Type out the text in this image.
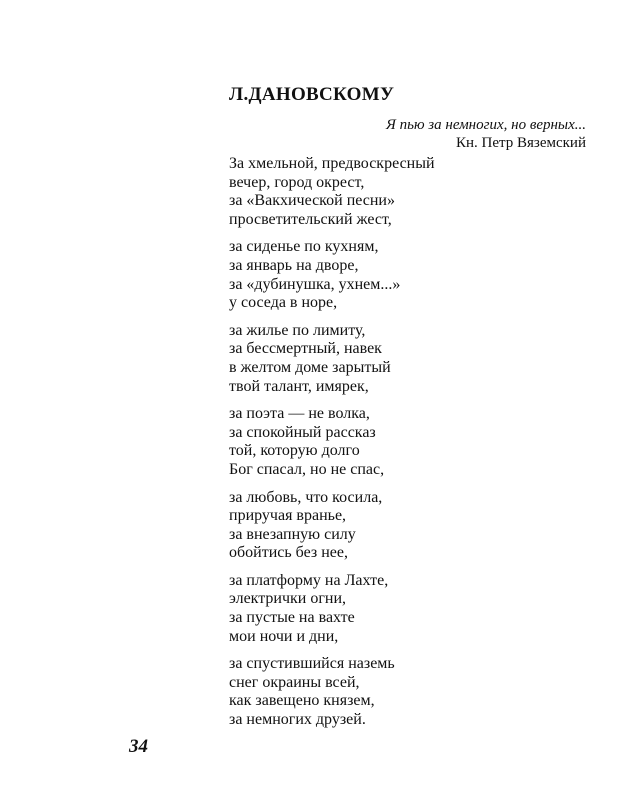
Л.ДАНОВСКОМУ
Я пью за немногих, но верных...
Кн. Петр Вяземский
За хмельной, предвоскресный
вечер, город окрест,
за «Вакхической песни»
просветительский жест,
за сиденье по кухням,
за январь на дворе,
за «дубинушка, ухнем...»
у соседа в норе,
за жилье по лимиту,
за бессмертный, навек
в желтом доме зарытый
твой талант, имярек,
за поэта — не волка,
за спокойный рассказ
той, которую долго
Бог спасал, но не спас,
за любовь, что косила,
приручая вранье,
за внезапную силу
обойтись без нее,
за платформу на Лахте,
электрички огни,
за пустые на вахте
мои ночи и дни,
за спустившийся наземь
снег окраины всей,
как завещено князем,
за немногих друзей.
34
